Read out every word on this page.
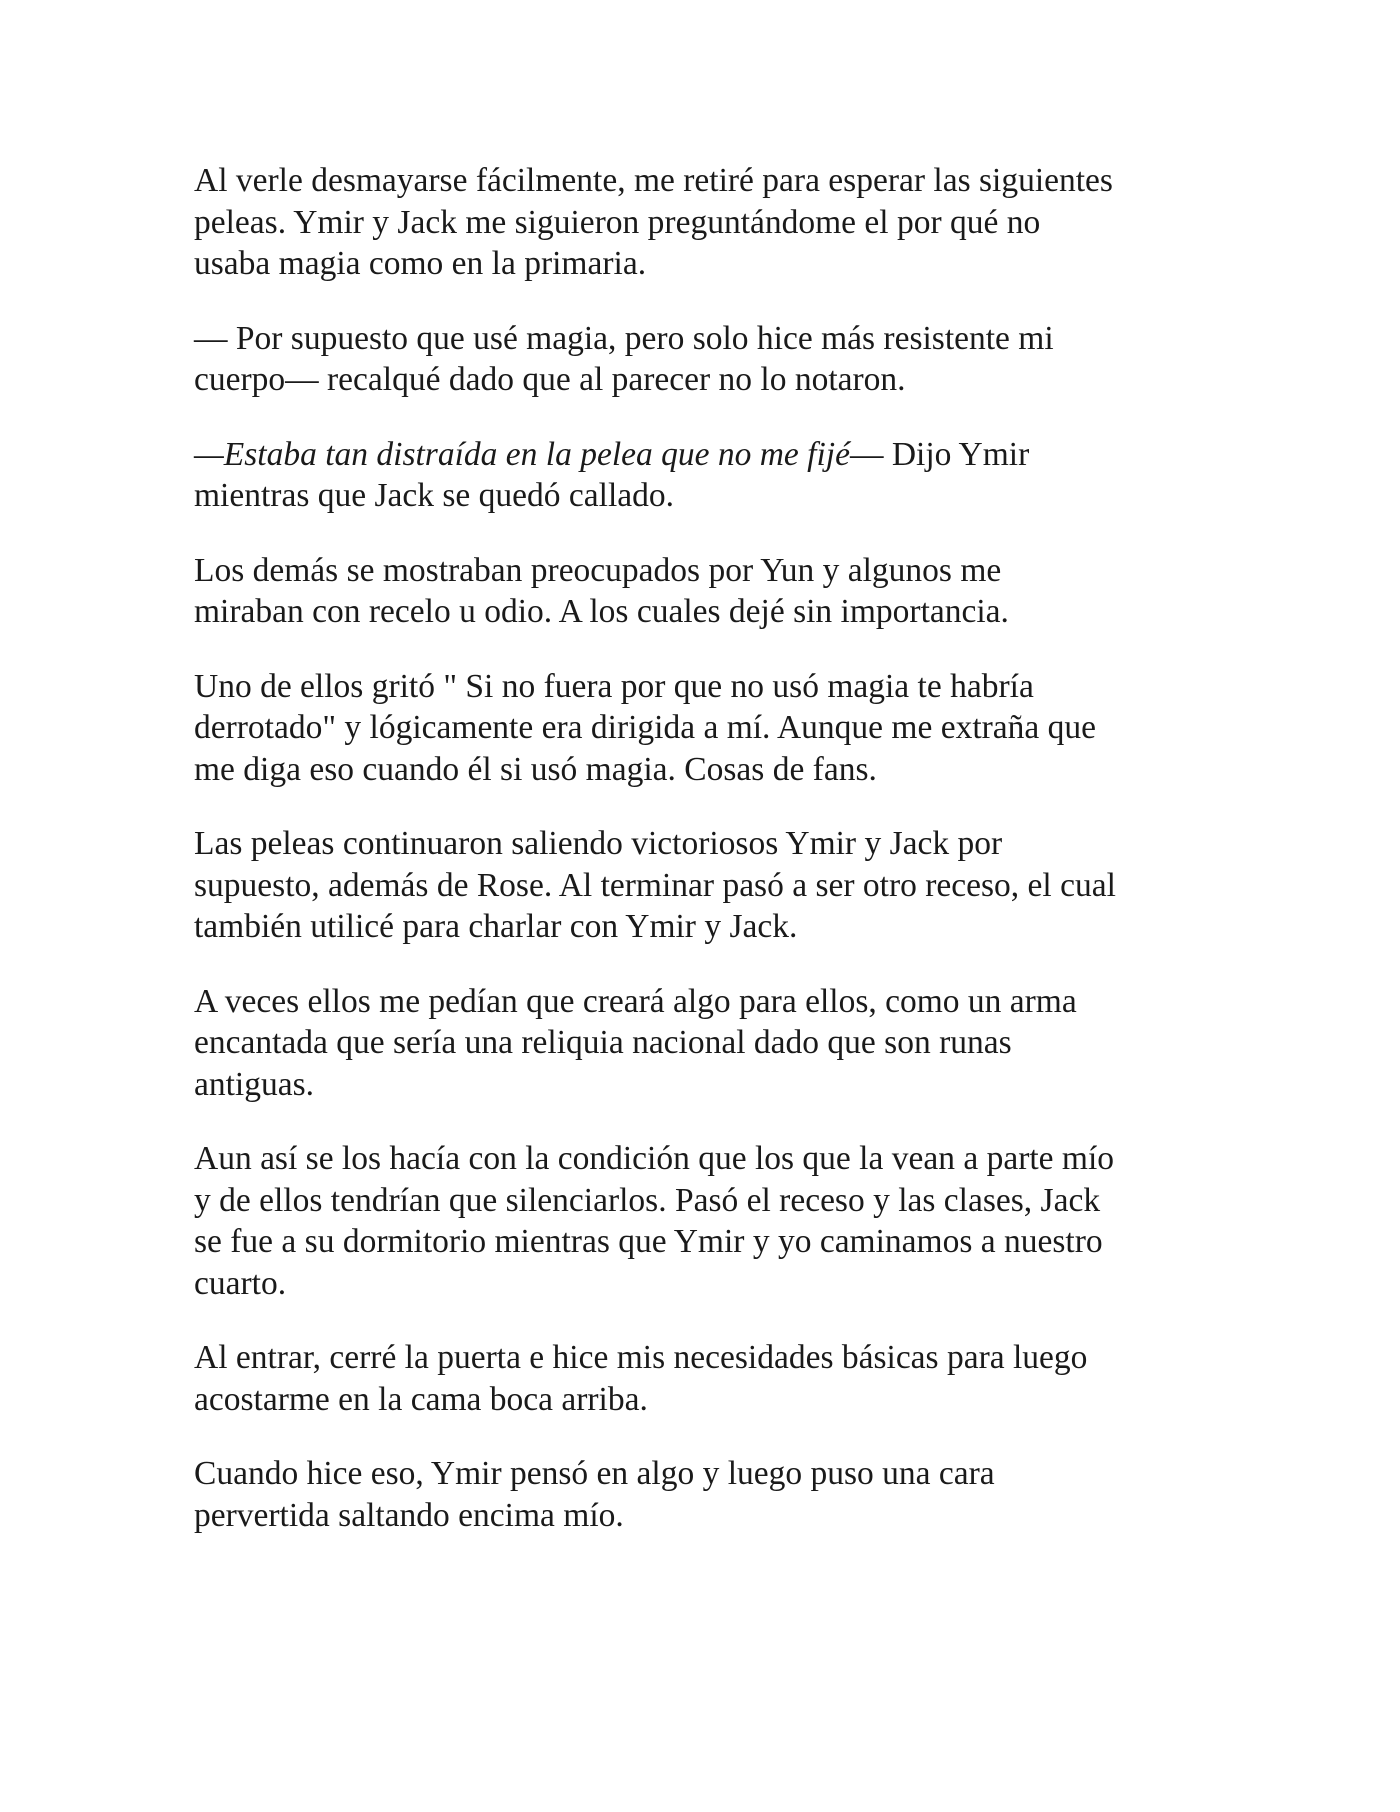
Al verle desmayarse fácilmente, me retiré para esperar las siguientes
peleas. Ymir y Jack me siguieron preguntándome el por qué no
usaba magia como en la primaria.

— Por supuesto que usé magia, pero solo hice más resistente mi
cuerpo— recalqué dado que al parecer no lo notaron.

—Estaba tan distraída en la pelea que no me fijé— Dijo Ymir
mientras que Jack se quedó callado.

Los demás se mostraban preocupados por Yun y algunos me
miraban con recelo u odio. A los cuales dejé sin importancia.

Uno de ellos gritó " Si no fuera por que no usó magia te habría
derrotado" y lógicamente era dirigida a mí. Aunque me extraña que
me diga eso cuando él si usó magia. Cosas de fans.

Las peleas continuaron saliendo victoriosos Ymir y Jack por
supuesto, además de Rose. Al terminar pasó a ser otro receso, el cual
también utilicé para charlar con Ymir y Jack.

A veces ellos me pedían que creará algo para ellos, como un arma
encantada que sería una reliquia nacional dado que son runas
antiguas.

Aun así se los hacía con la condición que los que la vean a parte mío
y de ellos tendrían que silenciarlos. Pasó el receso y las clases, Jack
se fue a su dormitorio mientras que Ymir y yo caminamos a nuestro
cuarto.

Al entrar, cerré la puerta e hice mis necesidades básicas para luego
acostarme en la cama boca arriba.

Cuando hice eso, Ymir pensó en algo y luego puso una cara
pervertida saltando encima mío.
